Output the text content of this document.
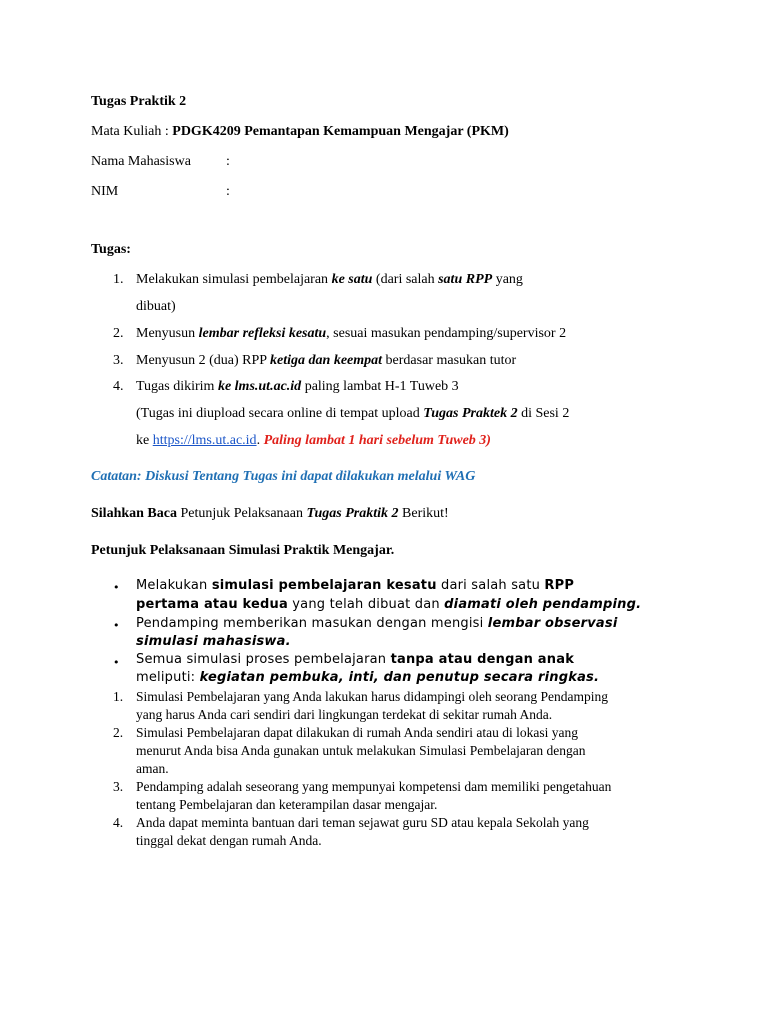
Tugas Praktik 2
Mata Kuliah : PDGK4209 Pemantapan Kemampuan Mengajar (PKM)
Nama Mahasiswa	:
NIM	:
Tugas:
1. Melakukan simulasi pembelajaran ke satu (dari salah satu RPP yang
dibuat)
2. Menyusun lembar refleksi kesatu, sesuai masukan pendamping/supervisor 2
3. Menyusun 2 (dua) RPP ketiga dan keempat berdasar masukan tutor
4. Tugas dikirim ke lms.ut.ac.id paling lambat H-1 Tuweb 3
(Tugas ini diupload secara online di tempat upload Tugas Praktek 2 di Sesi 2
ke https://lms.ut.ac.id. Paling lambat 1 hari sebelum Tuweb 3)
Catatan: Diskusi Tentang Tugas ini dapat dilakukan melalui WAG
Silahkan Baca Petunjuk Pelaksanaan Tugas Praktik 2 Berikut!
Petunjuk Pelaksanaan Simulasi Praktik Mengajar.
• Melakukan simulasi pembelajaran kesatu dari salah satu RPP
pertama atau kedua yang telah dibuat dan diamati oleh pendamping.
• Pendamping memberikan masukan dengan mengisi lembar observasi
simulasi mahasiswa.
• Semua simulasi proses pembelajaran tanpa atau dengan anak
meliputi: kegiatan pembuka, inti, dan penutup secara ringkas.
1. Simulasi Pembelajaran yang Anda lakukan harus didampingi oleh seorang Pendamping
yang harus Anda cari sendiri dari lingkungan terdekat di sekitar rumah Anda.
2. Simulasi Pembelajaran dapat dilakukan di rumah Anda sendiri atau di lokasi yang
menurut Anda bisa Anda gunakan untuk melakukan Simulasi Pembelajaran dengan
aman.
3. Pendamping adalah seseorang yang mempunyai kompetensi dam memiliki pengetahuan
tentang Pembelajaran dan keterampilan dasar mengajar.
4. Anda dapat meminta bantuan dari teman sejawat guru SD atau kepala Sekolah yang
tinggal dekat dengan rumah Anda.
